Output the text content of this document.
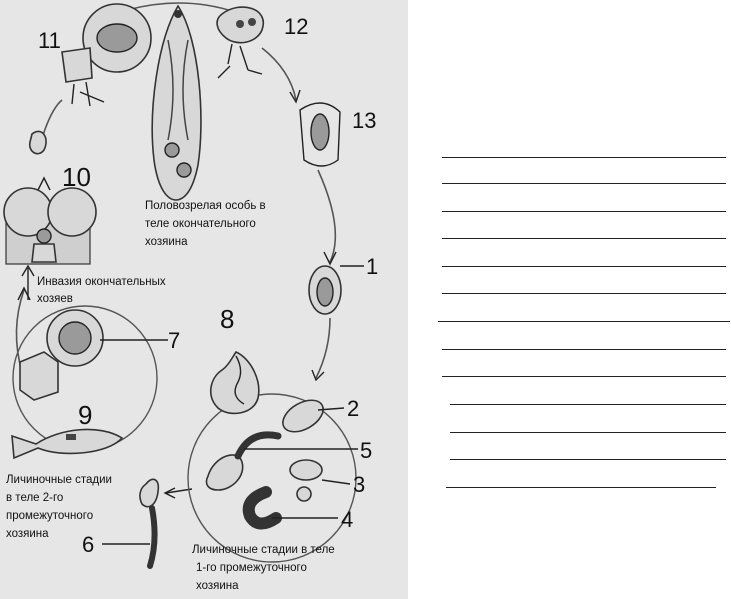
1
2
3
4
5
6
7
8
9
10
11
12
13
Половозрелая особь в
теле окончательного
хозяина
Инвазия окончательных
хозяев
Личиночные стадии
в теле 2-го
промежуточного
хозяина
Личиночные стадии в теле
1-го промежуточного
хозяина
